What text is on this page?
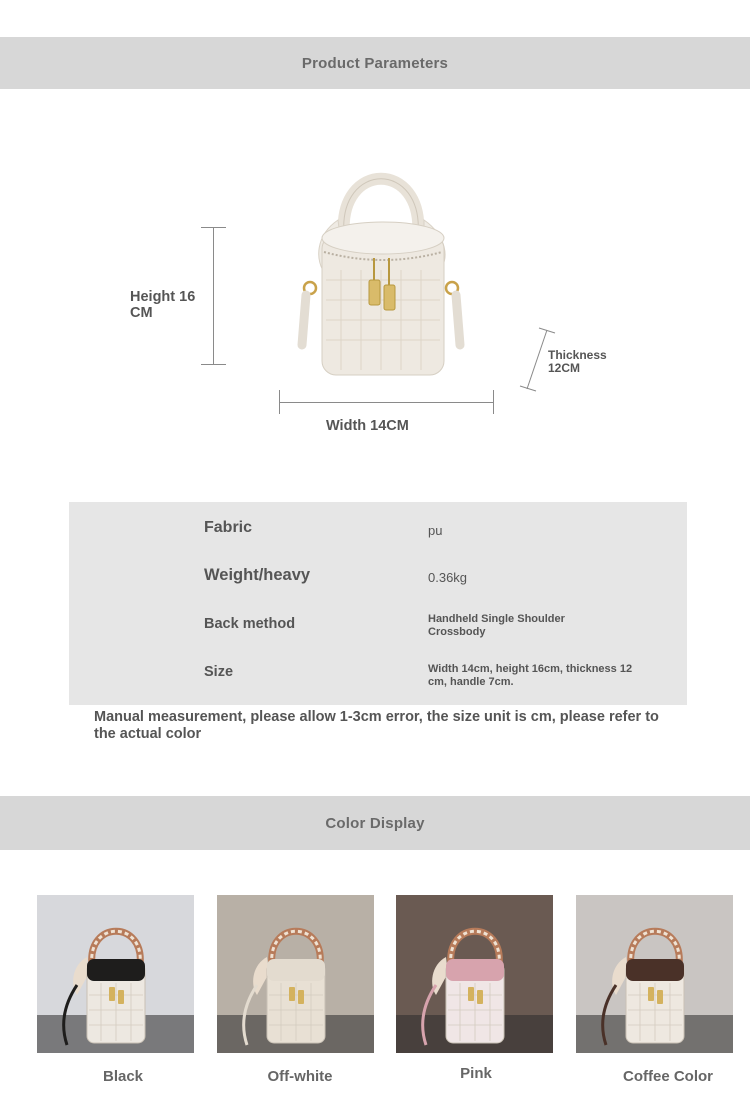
Product Parameters
Height 16 CM
Width 14CM
Thickness 12CM
Fabric	pu
Weight/heavy	0.36kg
Back method	Handheld Single Shoulder Crossbody
Size	Width 14cm, height 16cm, thickness 12 cm, handle 7cm.
Manual measurement, please allow 1-3cm error, the size unit is cm, please refer to the actual color
Color Display
Black	Off-white	Pink	Coffee Color
